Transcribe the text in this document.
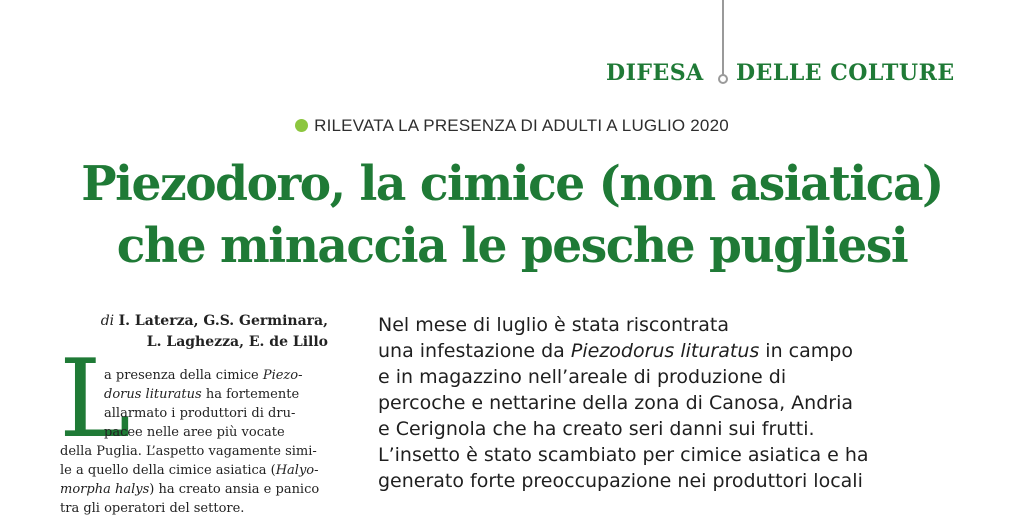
DIFESA DELLE COLTURE
RILEVATA LA PRESENZA DI ADULTI A LUGLIO 2020
Piezodoro, la cimice (non asiatica)
che minaccia le pesche pugliesi
di I. Laterza, G.S. Germinara,
L. Laghezza, E. de Lillo
L
a presenza della cimice Piezo-
dorus lituratus ha fortemente
allarmato i produttori di dru-
pacee nelle aree più vocate
della Puglia. L’aspetto vagamente simi-
le a quello della cimice asiatica (Halyo-
morpha halys) ha creato ansia e panico
tra gli operatori del settore.
Nel mese di luglio è stata riscontrata
una infestazione da Piezodorus lituratus in campo
e in magazzino nell’areale di produzione di
percoche e nettarine della zona di Canosa, Andria
e Cerignola che ha creato seri danni sui frutti.
L’insetto è stato scambiato per cimice asiatica e ha
generato forte preoccupazione nei produttori locali
